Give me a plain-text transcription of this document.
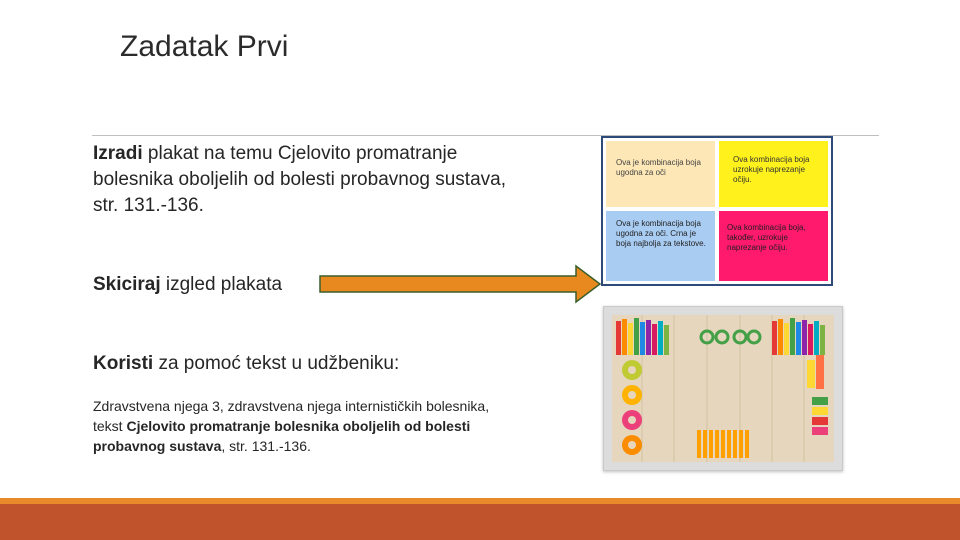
Zadatak Prvi

Izradi plakat na temu Cjelovito promatranje bolesnika oboljelih od bolesti probavnog sustava, str. 131.-136.

Skiciraj izgled plakata

Koristi za pomoć tekst u udžbeniku:

Zdravstvena njega 3, zdravstvena njega internističkih bolesnika, tekst Cjelovito promatranje bolesnika oboljelih od bolesti probavnog sustava, str. 131.-136.

Ova je kombinacija boja ugodna za oči
Ova kombinacija boja uzrokuje naprezanje očiju.
Ova je kombinacija boja ugodna za oči. Crna je boja najbolja za tekstove.
Ova kombinacija boja, također, uzrokuje naprezanje očiju.
